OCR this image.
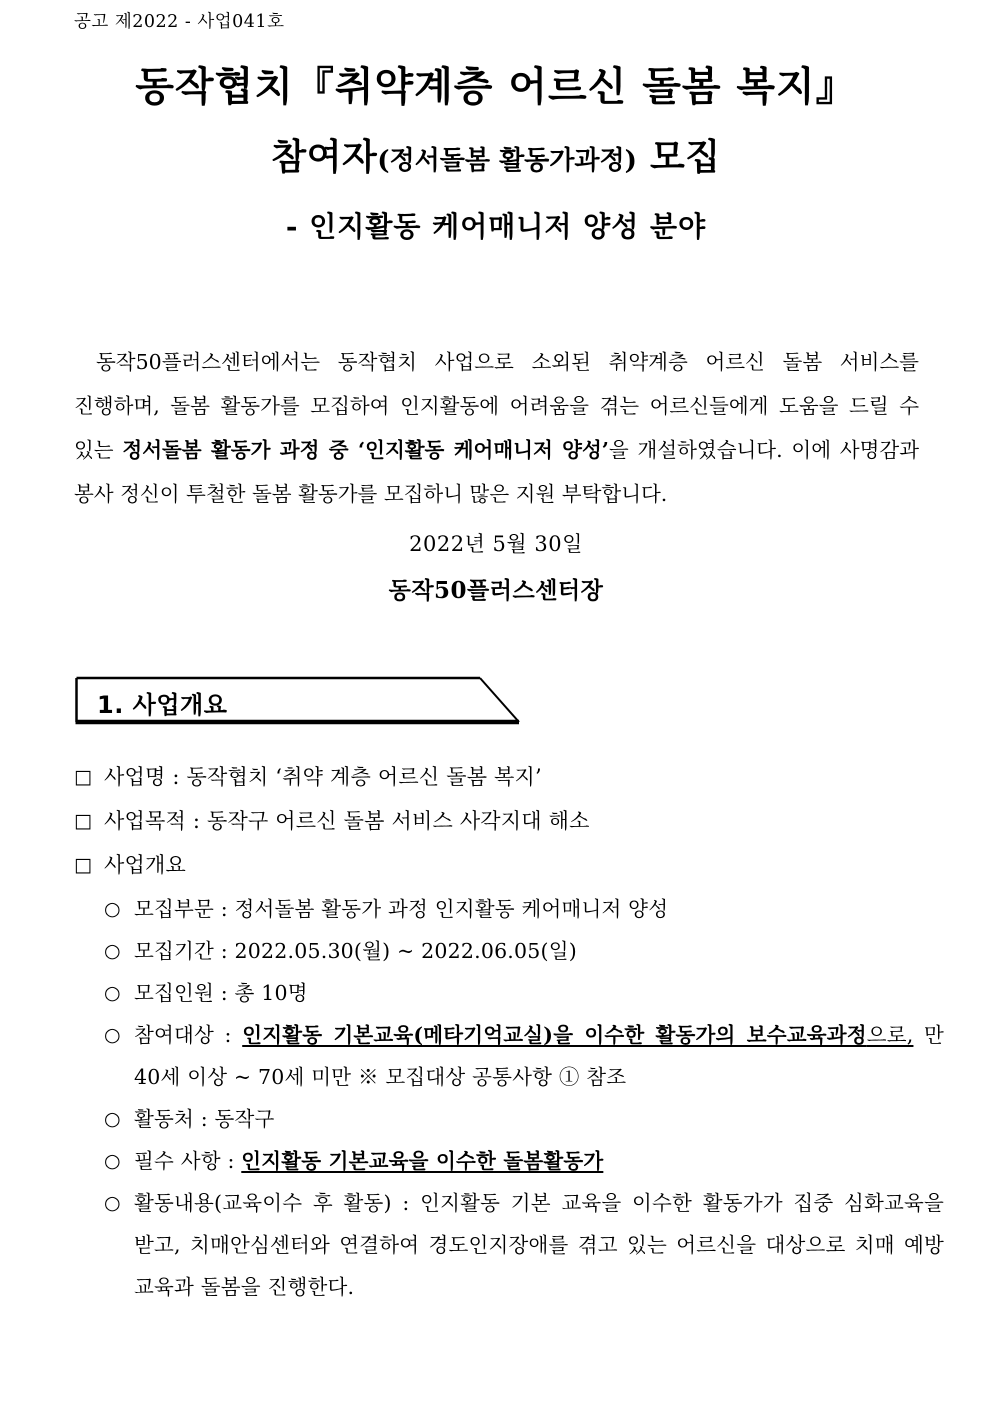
공고 제2022 - 사업041호
동작협치『취약계층 어르신 돌봄 복지』
참여자(정서돌봄 활동가과정) 모집
- 인지활동 케어매니저 양성 분야
동작50플러스센터에서는 동작협치 사업으로 소외된 취약계층 어르신 돌봄 서비스를 진행하며, 돌봄 활동가를 모집하여 인지활동에 어려움을 겪는 어르신들에게 도움을 드릴 수 있는 정서돌봄 활동가 과정 중 ‘인지활동 케어매니저 양성’을 개설하였습니다. 이에 사명감과 봉사 정신이 투철한 돌봄 활동가를 모집하니 많은 지원 부탁합니다.
2022년 5월 30일
동작50플러스센터장
1. 사업개요
□ 사업명 : 동작협치 ‘취약 계층 어르신 돌봄 복지’
□ 사업목적 : 동작구 어르신 돌봄 서비스 사각지대 해소
□ 사업개요
○ 모집부문 : 정서돌봄 활동가 과정 인지활동 케어매니저 양성
○ 모집기간 : 2022.05.30(월) ~ 2022.06.05(일)
○ 모집인원 : 총 10명
○ 참여대상 : 인지활동 기본교육(메타기억교실)을 이수한 활동가의 보수교육과정으로, 만 40세 이상 ~ 70세 미만 ※ 모집대상 공통사항 ① 참조
○ 활동처 : 동작구
○ 필수 사항 : 인지활동 기본교육을 이수한 돌봄활동가
○ 활동내용(교육이수 후 활동) : 인지활동 기본 교육을 이수한 활동가가 집중 심화교육을 받고, 치매안심센터와 연결하여 경도인지장애를 겪고 있는 어르신을 대상으로 치매 예방 교육과 돌봄을 진행한다.
